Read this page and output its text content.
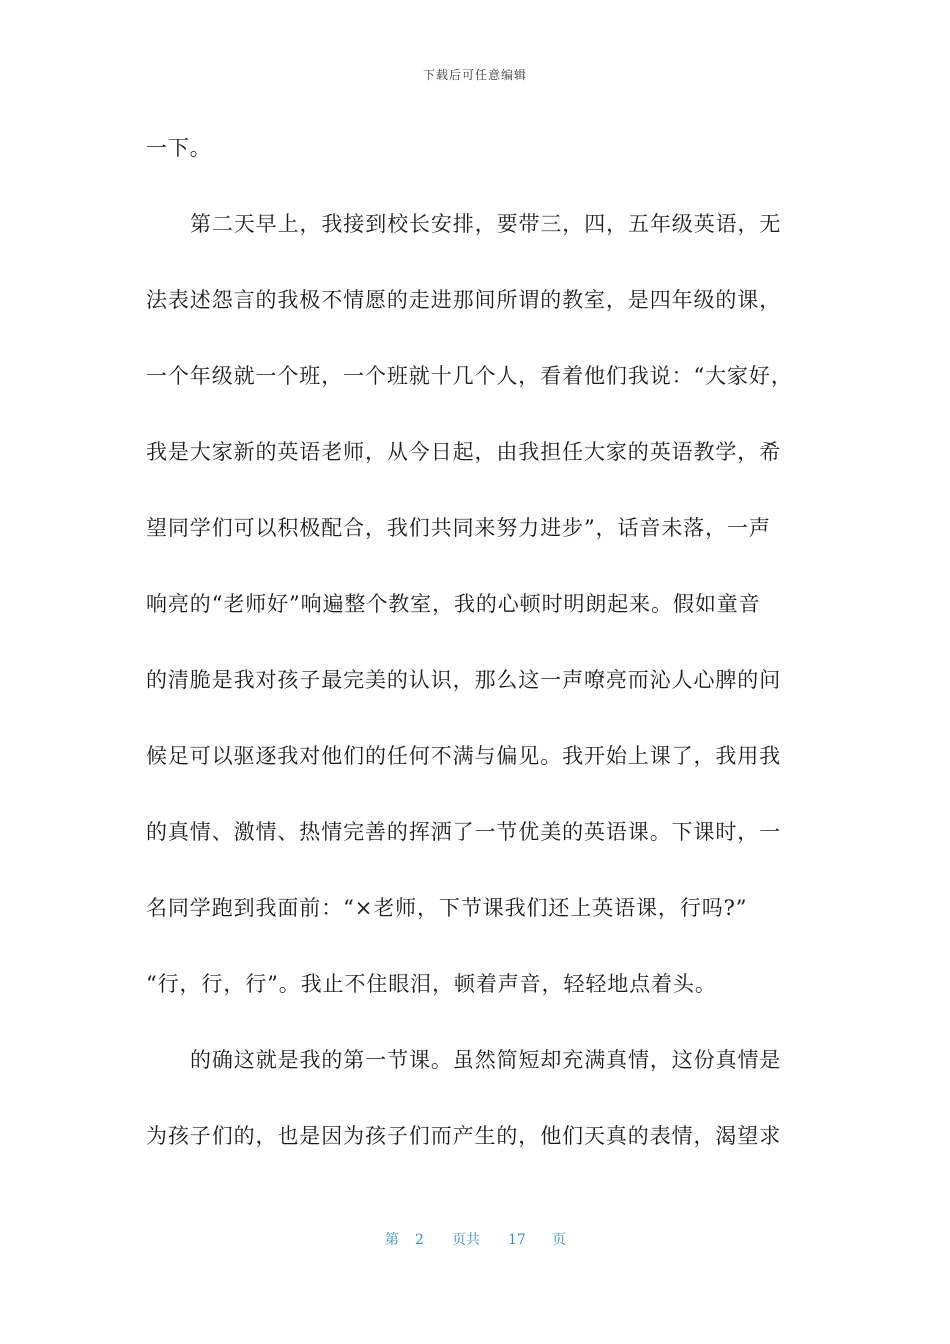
下载后可任意编辑
一下。
第二天早上，我接到校长安排，要带三，四，五年级英语，无
法表述怨言的我极不情愿的走进那间所谓的教室，是四年级的课，
一个年级就一个班，一个班就十几个人，看着他们我说：“大家好，
我是大家新的英语老师，从今日起，由我担任大家的英语教学，希
望同学们可以积极配合，我们共同来努力进步”，话音未落，一声
响亮的“老师好”响遍整个教室，我的心顿时明朗起来。假如童音
的清脆是我对孩子最完美的认识，那么这一声嘹亮而沁人心脾的问
候足可以驱逐我对他们的任何不满与偏见。我开始上课了，我用我
的真情、激情、热情完善的挥洒了一节优美的英语课。下课时，一
名同学跑到我面前：“×老师，下节课我们还上英语课，行吗?”
“行，行，行”。我止不住眼泪，顿着声音，轻轻地点着头。
的确这就是我的第一节课。虽然简短却充满真情，这份真情是
为孩子们的，也是因为孩子们而产生的，他们天真的表情，渴望求
第 2 页共 17 页
